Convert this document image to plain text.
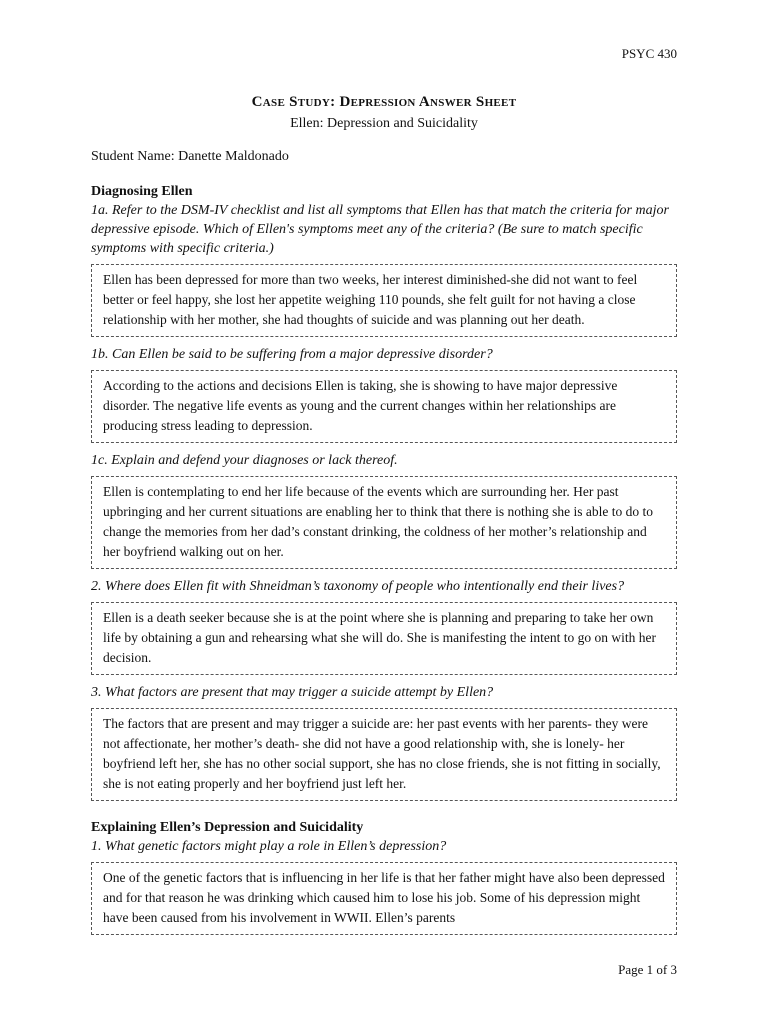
PSYC 430
Case Study: Depression Answer Sheet
Ellen: Depression and Suicidality
Student Name: Danette Maldonado
Diagnosing Ellen
1a. Refer to the DSM-IV checklist and list all symptoms that Ellen has that match the criteria for major depressive episode. Which of Ellen's symptoms meet any of the criteria? (Be sure to match specific symptoms with specific criteria.)
Ellen has been depressed for more than two weeks, her interest diminished-she did not want to feel better or feel happy, she lost her appetite weighing 110 pounds, she felt guilt for not having a close relationship with her mother, she had thoughts of suicide and was planning out her death.
1b. Can Ellen be said to be suffering from a major depressive disorder?
According to the actions and decisions Ellen is taking, she is showing to have major depressive disorder. The negative life events as young and the current changes within her relationships are producing stress leading to depression.
1c. Explain and defend your diagnoses or lack thereof.
Ellen is contemplating to end her life because of the events which are surrounding her. Her past upbringing and her current situations are enabling her to think that there is nothing she is able to do to change the memories from her dad’s constant drinking, the coldness of her mother’s relationship and her boyfriend walking out on her.
2. Where does Ellen fit with Shneidman’s taxonomy of people who intentionally end their lives?
Ellen is a death seeker because she is at the point where she is planning and preparing to take her own life by obtaining a gun and rehearsing what she will do. She is manifesting the intent to go on with her decision.
3. What factors are present that may trigger a suicide attempt by Ellen?
The factors that are present and may trigger a suicide are: her past events with her parents- they were not affectionate, her mother’s death- she did not have a good relationship with, she is lonely- her boyfriend left her, she has no other social support, she has no close friends, she is not fitting in socially, she is not eating properly and her boyfriend just left her.
Explaining Ellen’s Depression and Suicidality
1. What genetic factors might play a role in Ellen’s depression?
One of the genetic factors that is influencing in her life is that her father might have also been depressed and for that reason he was drinking which caused him to lose his job. Some of his depression might have been caused from his involvement in WWII. Ellen’s parents
Page 1 of 3
